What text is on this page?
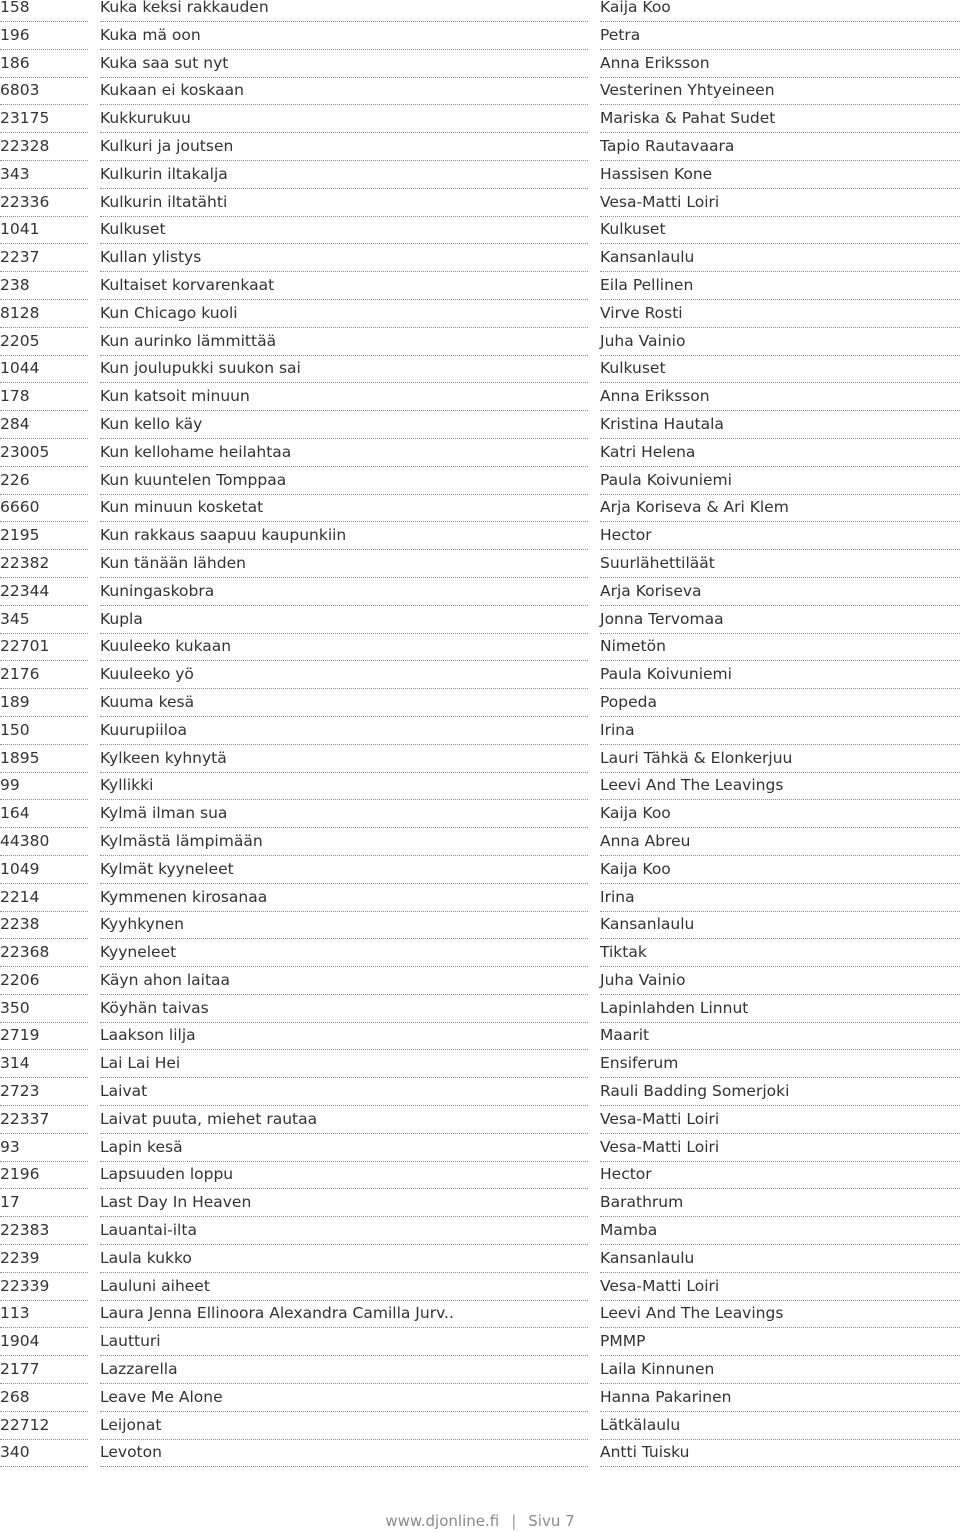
158	Kuka keksi rakkauden	Kaija Koo
196	Kuka mä oon	Petra
186	Kuka saa sut nyt	Anna Eriksson
6803	Kukaan ei koskaan	Vesterinen Yhtyeineen
23175	Kukkurukuu	Mariska & Pahat Sudet
22328	Kulkuri ja joutsen	Tapio Rautavaara
343	Kulkurin iltakalja	Hassisen Kone
22336	Kulkurin iltatähti	Vesa-Matti Loiri
1041	Kulkuset	Kulkuset
2237	Kullan ylistys	Kansanlaulu
238	Kultaiset korvarenkaat	Eila Pellinen
8128	Kun Chicago kuoli	Virve Rosti
2205	Kun aurinko lämmittää	Juha Vainio
1044	Kun joulupukki suukon sai	Kulkuset
178	Kun katsoit minuun	Anna Eriksson
284	Kun kello käy	Kristina Hautala
23005	Kun kellohame heilahtaa	Katri Helena
226	Kun kuuntelen Tomppaa	Paula Koivuniemi
6660	Kun minuun kosketat	Arja Koriseva & Ari Klem
2195	Kun rakkaus saapuu kaupunkiin	Hector
22382	Kun tänään lähden	Suurlähettiläät
22344	Kuningaskobra	Arja Koriseva
345	Kupla	Jonna Tervomaa
22701	Kuuleeko kukaan	Nimetön
2176	Kuuleeko yö	Paula Koivuniemi
189	Kuuma kesä	Popeda
150	Kuurupiiloa	Irina
1895	Kylkeen kyhnytä	Lauri Tähkä & Elonkerjuu
99	Kyllikki	Leevi And The Leavings
164	Kylmä ilman sua	Kaija Koo
44380	Kylmästä lämpimään	Anna Abreu
1049	Kylmät kyyneleet	Kaija Koo
2214	Kymmenen kirosanaa	Irina
2238	Kyyhkynen	Kansanlaulu
22368	Kyyneleet	Tiktak
2206	Käyn ahon laitaa	Juha Vainio
350	Köyhän taivas	Lapinlahden Linnut
2719	Laakson lilja	Maarit
314	Lai Lai Hei	Ensiferum
2723	Laivat	Rauli Badding Somerjoki
22337	Laivat puuta, miehet rautaa	Vesa-Matti Loiri
93	Lapin kesä	Vesa-Matti Loiri
2196	Lapsuuden loppu	Hector
17	Last Day In Heaven	Barathrum
22383	Lauantai-ilta	Mamba
2239	Laula kukko	Kansanlaulu
22339	Lauluni aiheet	Vesa-Matti Loiri
113	Laura Jenna Ellinoora Alexandra Camilla Jurv..	Leevi And The Leavings
1904	Lautturi	PMMP
2177	Lazzarella	Laila Kinnunen
268	Leave Me Alone	Hanna Pakarinen
22712	Leijonat	Lätkälaulu
340	Levoton	Antti Tuisku
www.djonline.fi | Sivu 7
